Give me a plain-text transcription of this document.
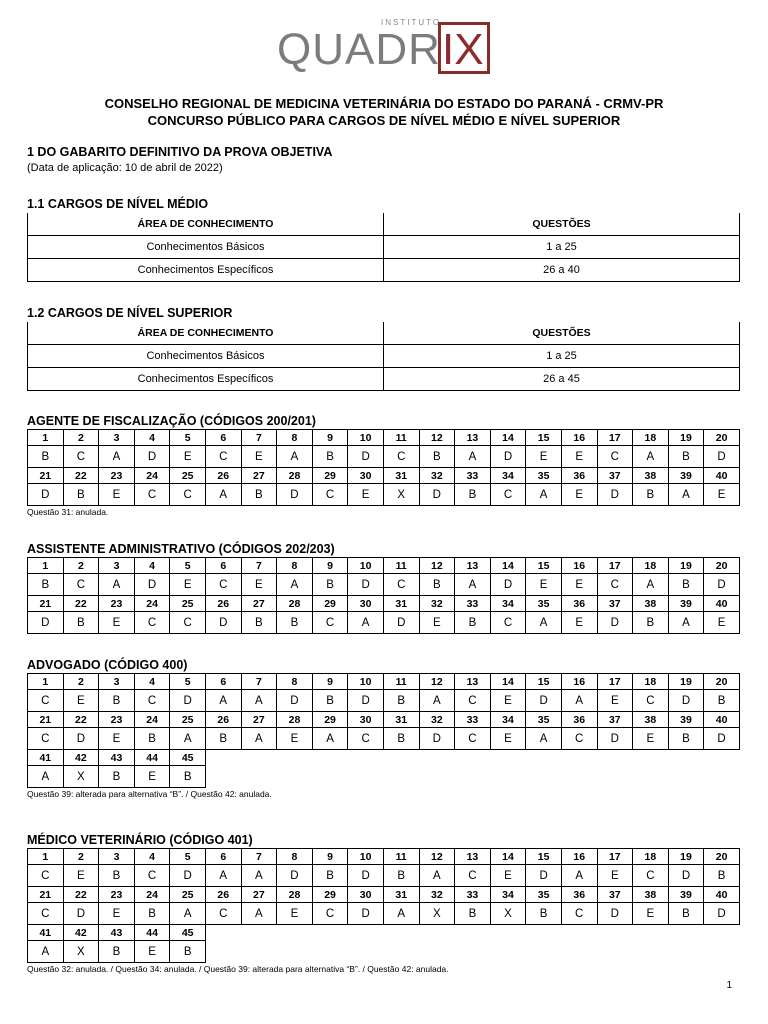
INSTITUTO
QUADR IX
CONSELHO REGIONAL DE MEDICINA VETERINÁRIA DO ESTADO DO PARANÁ - CRMV-PR
CONCURSO PÚBLICO PARA CARGOS DE NÍVEL MÉDIO E NÍVEL SUPERIOR
1 DO GABARITO DEFINITIVO DA PROVA OBJETIVA
(Data de aplicação: 10 de abril de 2022)
1.1 CARGOS DE NÍVEL MÉDIO
ÁREA DE CONHECIMENTO	QUESTÕES
Conhecimentos Básicos	1 a 25
Conhecimentos Específicos	26 a 40
1.2 CARGOS DE NÍVEL SUPERIOR
ÁREA DE CONHECIMENTO	QUESTÕES
Conhecimentos Básicos	1 a 25
Conhecimentos Específicos	26 a 45
AGENTE DE FISCALIZAÇÃO (CÓDIGOS 200/201)
1	2	3	4	5	6	7	8	9	10	11	12	13	14	15	16	17	18	19	20
B	C	A	D	E	C	E	A	B	D	C	B	A	D	E	E	C	A	B	D
21	22	23	24	25	26	27	28	29	30	31	32	33	34	35	36	37	38	39	40
D	B	E	C	C	A	B	D	C	E	X	D	B	C	A	E	D	B	A	E
Questão 31: anulada.
ASSISTENTE ADMINISTRATIVO (CÓDIGOS 202/203)
1	2	3	4	5	6	7	8	9	10	11	12	13	14	15	16	17	18	19	20
B	C	A	D	E	C	E	A	B	D	C	B	A	D	E	E	C	A	B	D
21	22	23	24	25	26	27	28	29	30	31	32	33	34	35	36	37	38	39	40
D	B	E	C	C	D	B	B	C	A	D	E	B	C	A	E	D	B	A	E
ADVOGADO (CÓDIGO 400)
1	2	3	4	5	6	7	8	9	10	11	12	13	14	15	16	17	18	19	20
C	E	B	C	D	A	A	D	B	D	B	A	C	E	D	A	E	C	D	B
21	22	23	24	25	26	27	28	29	30	31	32	33	34	35	36	37	38	39	40
C	D	E	B	A	B	A	E	A	C	B	D	C	E	A	C	D	E	B	D
41	42	43	44	45															
A	X	B	E	B															
Questão 39: alterada para alternativa “B”. / Questão 42: anulada.
MÉDICO VETERINÁRIO (CÓDIGO 401)
1	2	3	4	5	6	7	8	9	10	11	12	13	14	15	16	17	18	19	20
C	E	B	C	D	A	A	D	B	D	B	A	C	E	D	A	E	C	D	B
21	22	23	24	25	26	27	28	29	30	31	32	33	34	35	36	37	38	39	40
C	D	E	B	A	C	A	E	C	D	A	X	B	X	B	C	D	E	B	D
41	42	43	44	45															
A	X	B	E	B															
Questão 32: anulada. / Questão 34: anulada. / Questão 39: alterada para alternativa “B”. / Questão 42: anulada.
1
